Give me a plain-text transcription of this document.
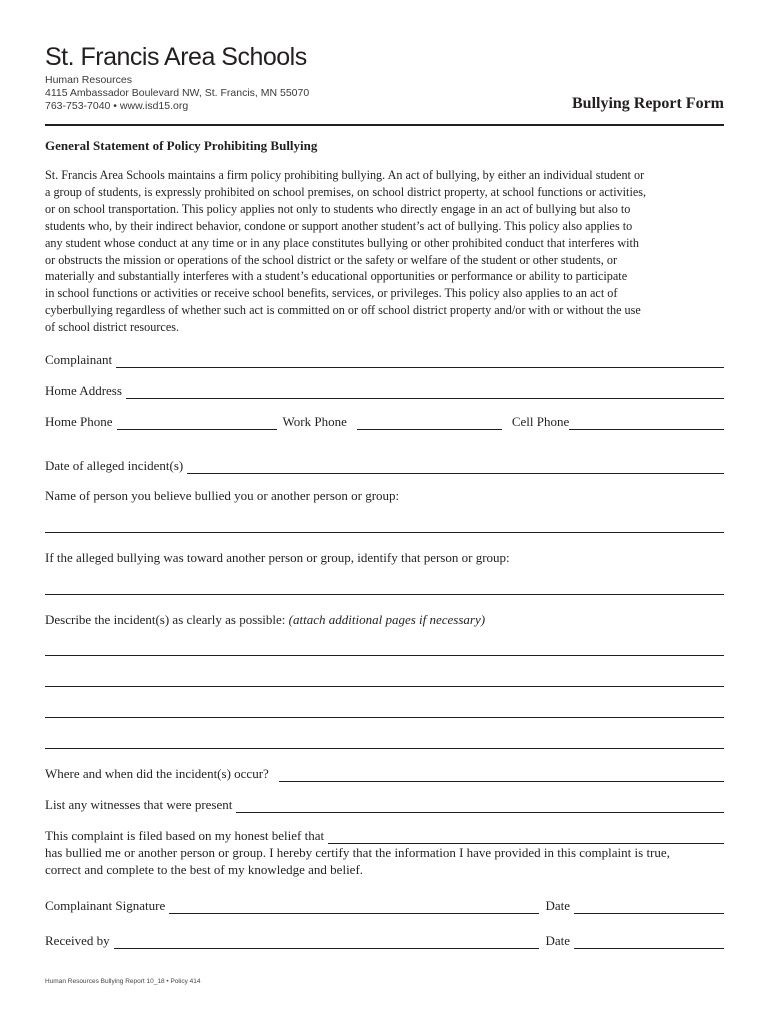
St. Francis Area Schools
Human Resources
4115 Ambassador Boulevard NW, St. Francis, MN 55070
763-753-7040 • www.isd15.org	Bullying Report Form
General Statement of Policy Prohibiting Bullying
St. Francis Area Schools maintains a firm policy prohibiting bullying. An act of bullying, by either an individual student or
a group of students, is expressly prohibited on school premises, on school district property, at school functions or activities,
or on school transportation. This policy applies not only to students who directly engage in an act of bullying but also to
students who, by their indirect behavior, condone or support another student’s act of bullying. This policy also applies to
any student whose conduct at any time or in any place constitutes bullying or other prohibited conduct that interferes with
or obstructs the mission or operations of the school district or the safety or welfare of the student or other students, or
materially and substantially interferes with a student’s educational opportunities or performance or ability to participate
in school functions or activities or receive school benefits, services, or privileges. This policy also applies to an act of
cyberbullying regardless of whether such act is committed on or off school district property and/or with or without the use
of school district resources.
Complainant
Home Address
Home Phone	Work Phone	Cell Phone
Date of alleged incident(s)
Name of person you believe bullied you or another person or group:
If the alleged bullying was toward another person or group, identify that person or group:
Describe the incident(s) as clearly as possible: (attach additional pages if necessary)
Where and when did the incident(s) occur?
List any witnesses that were present
This complaint is filed based on my honest belief that
has bullied me or another person or group. I hereby certify that the information I have provided in this complaint is true,
correct and complete to the best of my knowledge and belief.
Complainant Signature	Date
Received by	Date
Human Resources Bullying Report 10_18 • Policy 414
